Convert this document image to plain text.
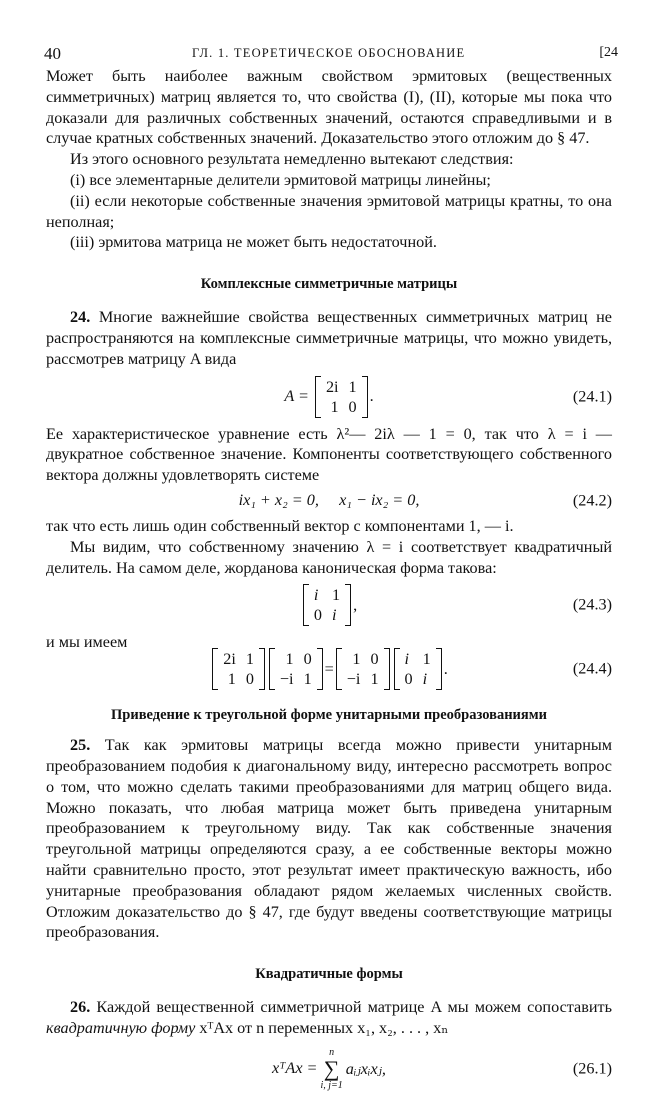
40	ГЛ. 1. ТЕОРЕТИЧЕСКОЕ ОБОСНОВАНИЕ	[24

Может быть наиболее важным свойством эрмитовых (вещественных симметричных) матриц является то, что свойства (I), (II), которые мы пока что доказали для различных собственных значений, остаются справедливыми и в случае кратных собственных значений. Доказательство этого отложим до § 47.

Из этого основного результата немедленно вытекают следствия:

(i) все элементарные делители эрмитовой матрицы линейны;

(ii) если некоторые собственные значения эрмитовой матрицы кратны, то она неполная;

(iii) эрмитова матрица не может быть недостаточной.

Комплексные симметричные матрицы

24. Многие важнейшие свойства вещественных симметричных матриц не распространяются на комплексные симметричные матрицы, что можно увидеть, рассмотрев матрицу A вида

A =

2i 1
1 0
.	(24.1)

Ее характеристическое уравнение есть λ²— 2iλ — 1 = 0, так что λ = i — двукратное собственное значение. Компоненты соответствующего собственного вектора должны удовлетворять системе

ix₁ + x₂ = 0,     x₁ − ix₂ = 0,	(24.2)

так что есть лишь один собственный вектор с компонентами 1, — i.

Мы видим, что собственному значению λ = i соответствует квадратичный делитель. На самом деле, жорданова каноническая форма такова:

i 1
0 i
,	(24.3)

и мы имеем

2i 1
1 0
1 0
−i 1
=
1 0
−i 1
i 1
0 i
.	(24.4)
Приведение к треугольной форме унитарными преобразованиями

25. Так как эрмитовы матрицы всегда можно привести унитарным преобразованием подобия к диагональному виду, интересно рассмотреть вопрос о том, что можно сделать такими преобразованиями для матриц общего вида. Можно показать, что любая матрица может быть приведена унитарным преобразованием к треугольному виду. Так как собственные значения треугольной матрицы определяются сразу, а ее собственные векторы можно найти сравнительно просто, этот результат имеет практическую важность, ибо унитарные преобразования обладают рядом желаемых численных свойств. Отложим доказательство до § 47, где будут введены соответствующие матрицы преобразования.

Квадратичные формы

26. Каждой вещественной симметричной матрице A мы можем сопоставить квадратичную форму xᵀAx от n переменных x₁, x₂, . . . , xₙ

xᵀAx =
n
∑
i, j=1
aᵢⱼxᵢxⱼ,	(26.1)
